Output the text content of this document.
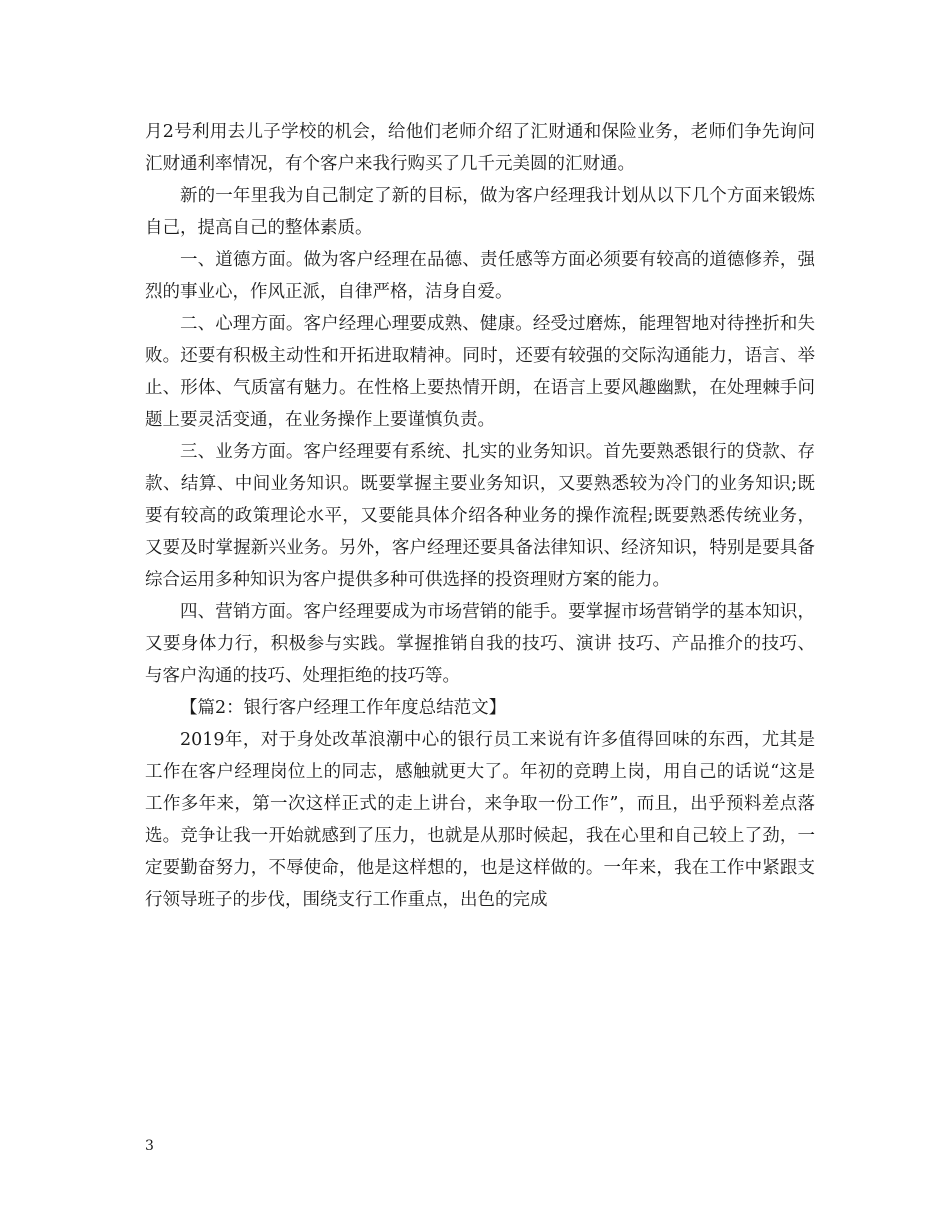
月2号利用去儿子学校的机会，给他们老师介绍了汇财通和保险业务，老师们争先询问汇财通利率情况，有个客户来我行购买了几千元美圆的汇财通。

新的一年里我为自己制定了新的目标，做为客户经理我计划从以下几个方面来锻炼自己，提高自己的整体素质。

一、道德方面。做为客户经理在品德、责任感等方面必须要有较高的道德修养，强烈的事业心，作风正派，自律严格，洁身自爱。

二、心理方面。客户经理心理要成熟、健康。经受过磨炼，能理智地对待挫折和失败。还要有积极主动性和开拓进取精神。同时，还要有较强的交际沟通能力，语言、举止、形体、气质富有魅力。在性格上要热情开朗，在语言上要风趣幽默，在处理棘手问题上要灵活变通，在业务操作上要谨慎负责。

三、业务方面。客户经理要有系统、扎实的业务知识。首先要熟悉银行的贷款、存款、结算、中间业务知识。既要掌握主要业务知识，又要熟悉较为冷门的业务知识;既要有较高的政策理论水平，又要能具体介绍各种业务的操作流程;既要熟悉传统业务，又要及时掌握新兴业务。另外，客户经理还要具备法律知识、经济知识，特别是要具备综合运用多种知识为客户提供多种可供选择的投资理财方案的能力。

四、营销方面。客户经理要成为市场营销的能手。要掌握市场营销学的基本知识，又要身体力行，积极参与实践。掌握推销自我的技巧、演讲 技巧、产品推介的技巧、与客户沟通的技巧、处理拒绝的技巧等。

【篇2：银行客户经理工作年度总结范文】

2019年，对于身处改革浪潮中心的银行员工来说有许多值得回味的东西，尤其是工作在客户经理岗位上的同志，感触就更大了。年初的竞聘上岗，用自己的话说“这是工作多年来，第一次这样正式的走上讲台，来争取一份工作”，而且，出乎预料差点落选。竞争让我一开始就感到了压力，也就是从那时候起，我在心里和自己较上了劲，一定要勤奋努力，不辱使命，他是这样想的，也是这样做的。一年来，我在工作中紧跟支行领导班子的步伐，围绕支行工作重点，出色的完成

3
